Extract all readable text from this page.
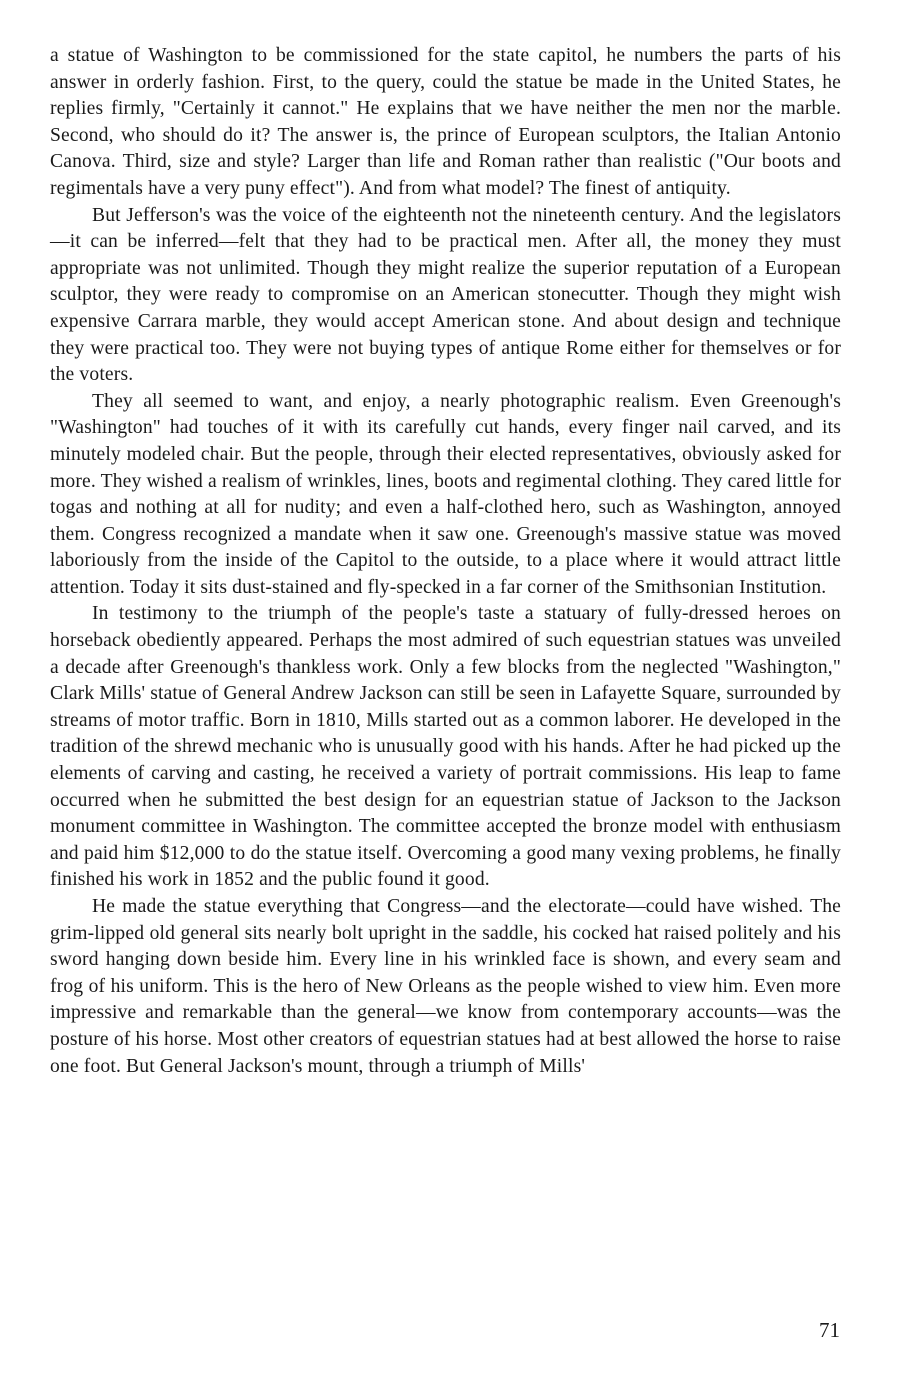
a statue of Washington to be commissioned for the state capitol, he numbers the parts of his answer in orderly fashion. First, to the query, could the statue be made in the United States, he replies firmly, "Certainly it cannot." He explains that we have neither the men nor the marble. Second, who should do it? The answer is, the prince of European sculptors, the Italian Antonio Canova. Third, size and style? Larger than life and Roman rather than realistic ("Our boots and regimentals have a very puny effect"). And from what model? The finest of antiquity.

But Jefferson's was the voice of the eighteenth not the nineteenth century. And the legislators—it can be inferred—felt that they had to be practical men. After all, the money they must appropriate was not unlimited. Though they might realize the superior reputation of a European sculptor, they were ready to compromise on an American stonecutter. Though they might wish expensive Carrara marble, they would accept American stone. And about design and technique they were practical too. They were not buying types of antique Rome either for themselves or for the voters.

They all seemed to want, and enjoy, a nearly photographic realism. Even Greenough's "Washington" had touches of it with its carefully cut hands, every finger nail carved, and its minutely modeled chair. But the people, through their elected representatives, obviously asked for more. They wished a realism of wrinkles, lines, boots and regimental clothing. They cared little for togas and nothing at all for nudity; and even a half-clothed hero, such as Washington, annoyed them. Congress recognized a mandate when it saw one. Greenough's massive statue was moved laboriously from the inside of the Capitol to the outside, to a place where it would attract little attention. Today it sits dust-stained and fly-specked in a far corner of the Smithsonian Institution.

In testimony to the triumph of the people's taste a statuary of fully-dressed heroes on horseback obediently appeared. Perhaps the most admired of such equestrian statues was unveiled a decade after Greenough's thankless work. Only a few blocks from the neglected "Washington," Clark Mills' statue of General Andrew Jackson can still be seen in Lafayette Square, surrounded by streams of motor traffic. Born in 1810, Mills started out as a common laborer. He developed in the tradition of the shrewd mechanic who is unusually good with his hands. After he had picked up the elements of carving and casting, he received a variety of portrait commissions. His leap to fame occurred when he submitted the best design for an equestrian statue of Jackson to the Jackson monument committee in Washington. The committee accepted the bronze model with enthusiasm and paid him $12,000 to do the statue itself. Overcoming a good many vexing problems, he finally finished his work in 1852 and the public found it good.

He made the statue everything that Congress—and the electorate—could have wished. The grim-lipped old general sits nearly bolt upright in the saddle, his cocked hat raised politely and his sword hanging down beside him. Every line in his wrinkled face is shown, and every seam and frog of his uniform. This is the hero of New Orleans as the people wished to view him. Even more impressive and remarkable than the general—we know from contemporary accounts—was the posture of his horse. Most other creators of equestrian statues had at best allowed the horse to raise one foot. But General Jackson's mount, through a triumph of Mills'

71
